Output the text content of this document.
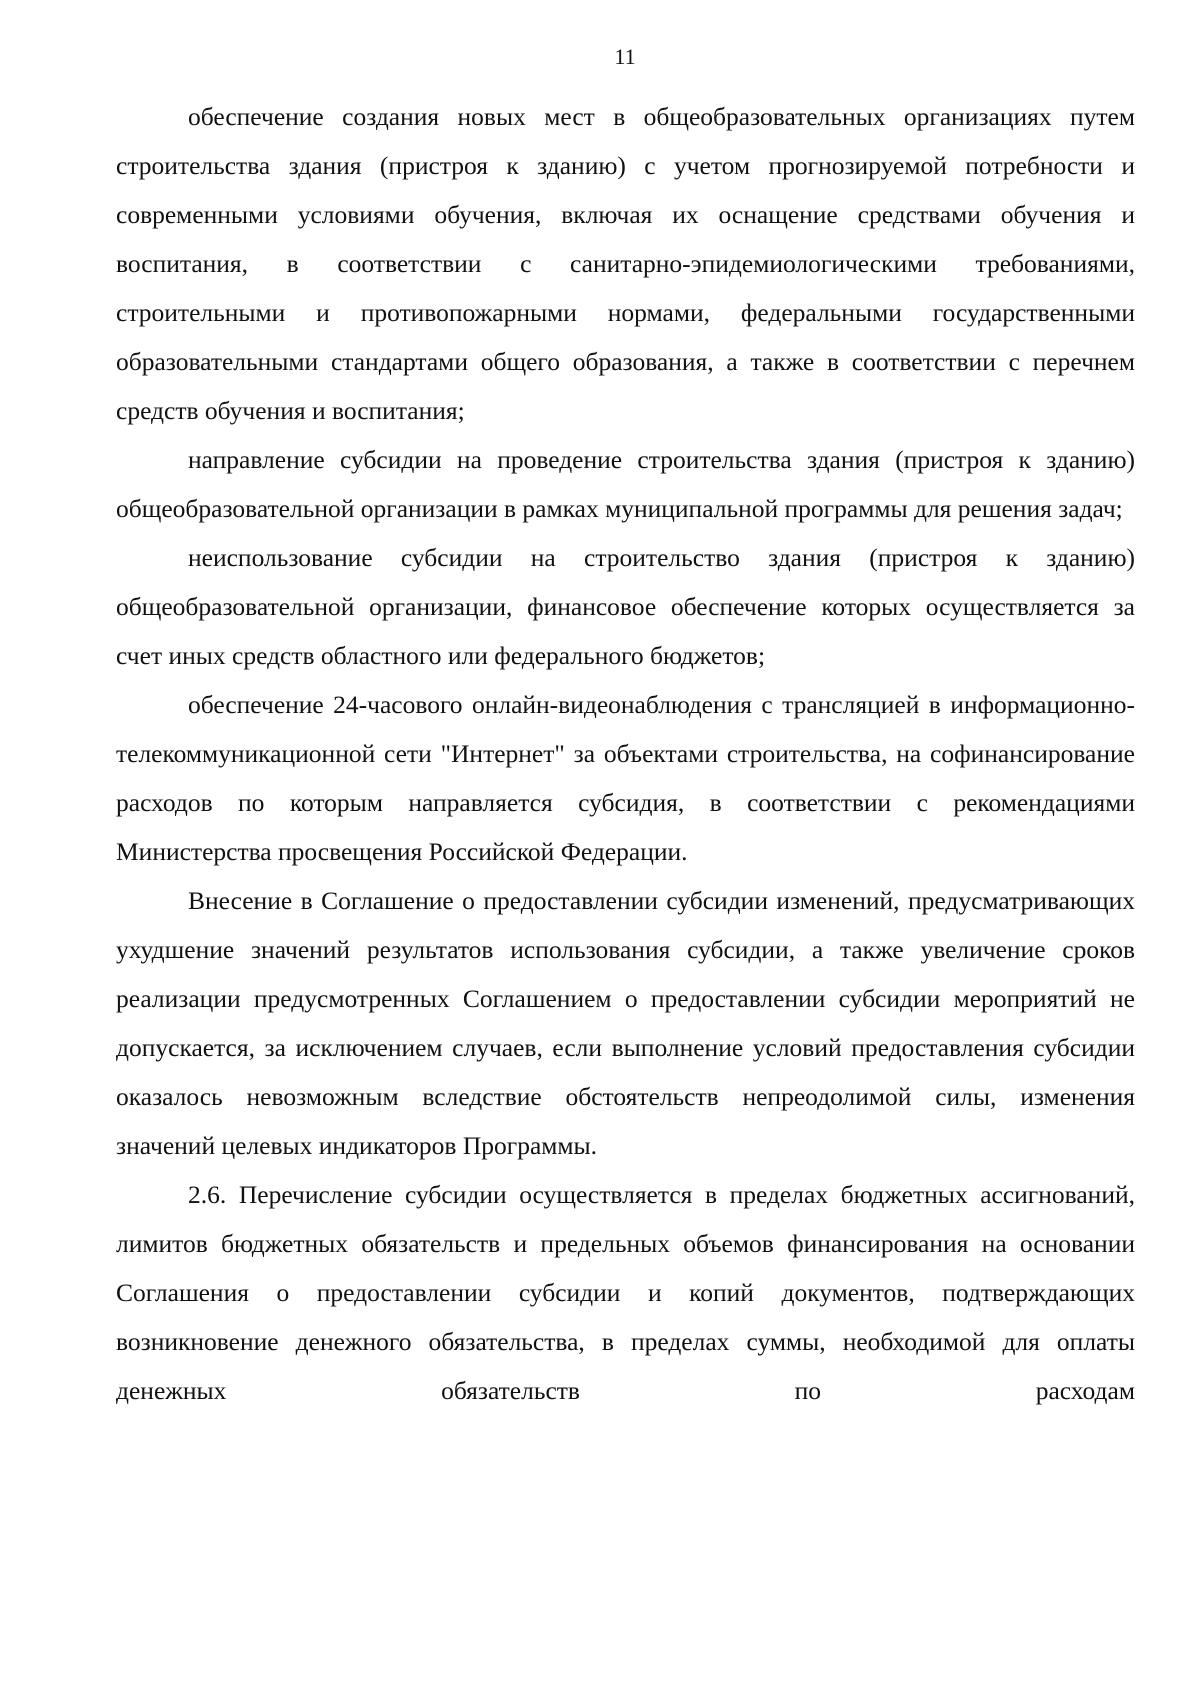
11

обеспечение создания новых мест в общеобразовательных организациях путем строительства здания (пристроя к зданию) с учетом прогнозируемой потребности и современными условиями обучения, включая их оснащение средствами обучения и воспитания, в соответствии с санитарно-эпидемиологическими требованиями, строительными и противопожарными нормами, федеральными государственными образовательными стандартами общего образования, а также в соответствии с перечнем средств обучения и воспитания;

направление субсидии на проведение строительства здания (пристроя к зданию) общеобразовательной организации в рамках муниципальной программы для решения задач;

неиспользование субсидии на строительство здания (пристроя к зданию) общеобразовательной организации, финансовое обеспечение которых осуществляется за счет иных средств областного или федерального бюджетов;

обеспечение 24-часового онлайн-видеонаблюдения с трансляцией в информационно-телекоммуникационной сети "Интернет" за объектами строительства, на софинансирование расходов по которым направляется субсидия, в соответствии с рекомендациями Министерства просвещения Российской Федерации.

Внесение в Соглашение о предоставлении субсидии изменений, предусматривающих ухудшение значений результатов использования субсидии, а также увеличение сроков реализации предусмотренных Соглашением о предоставлении субсидии мероприятий не допускается, за исключением случаев, если выполнение условий предоставления субсидии оказалось невозможным вследствие обстоятельств непреодолимой силы, изменения значений целевых индикаторов Программы.

2.6. Перечисление субсидии осуществляется в пределах бюджетных ассигнований, лимитов бюджетных обязательств и предельных объемов финансирования на основании Соглашения о предоставлении субсидии и копий документов, подтверждающих возникновение денежного обязательства, в пределах суммы, необходимой для оплаты денежных обязательств по расходам
